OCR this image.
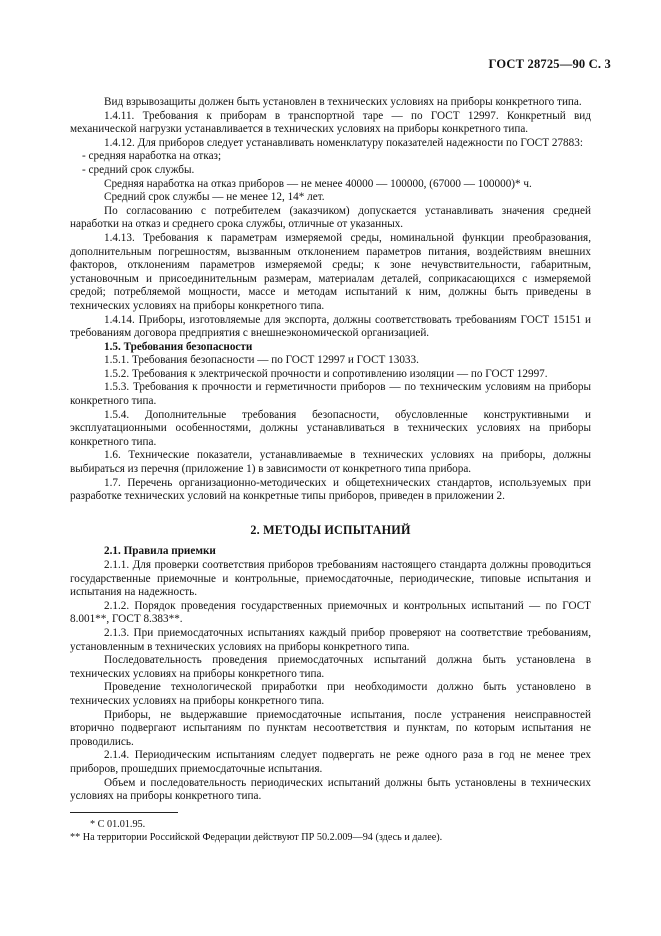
ГОСТ 28725—90 С. 3

Вид взрывозащиты должен быть установлен в технических условиях на приборы конкретного типа.

1.4.11. Требования к приборам в транспортной таре — по ГОСТ 12997. Конкретный вид механической нагрузки устанавливается в технических условиях на приборы конкретного типа.

1.4.12. Для приборов следует устанавливать номенклатуру показателей надежности по ГОСТ 27883:

- средняя наработка на отказ;

- средний срок службы.

Средняя наработка на отказ приборов — не менее 40000 — 100000, (67000 — 100000)* ч.

Средний срок службы — не менее 12, 14* лет.

По согласованию с потребителем (заказчиком) допускается устанавливать значения средней наработки на отказ и среднего срока службы, отличные от указанных.

1.4.13. Требования к параметрам измеряемой среды, номинальной функции преобразования, дополнительным погрешностям, вызванным отклонением параметров питания, воздействиям внешних факторов, отклонениям параметров измеряемой среды; к зоне нечувствительности, габаритным, установочным и присоединительным размерам, материалам деталей, соприкасающихся с измеряемой средой; потребляемой мощности, массе и методам испытаний к ним, должны быть приведены в технических условиях на приборы конкретного типа.

1.4.14. Приборы, изготовляемые для экспорта, должны соответствовать требованиям ГОСТ 15151 и требованиям договора предприятия с внешнеэкономической организацией.

1.5. Требования безопасности

1.5.1. Требования безопасности — по ГОСТ 12997 и ГОСТ 13033.

1.5.2. Требования к электрической прочности и сопротивлению изоляции — по ГОСТ 12997.

1.5.3. Требования к прочности и герметичности приборов — по техническим условиям на приборы конкретного типа.

1.5.4. Дополнительные требования безопасности, обусловленные конструктивными и эксплуатационными особенностями, должны устанавливаться в технических условиях на приборы конкретного типа.

1.6. Технические показатели, устанавливаемые в технических условиях на приборы, должны выбираться из перечня (приложение 1) в зависимости от конкретного типа прибора.

1.7. Перечень организационно-методических и общетехнических стандартов, используемых при разработке технических условий на конкретные типы приборов, приведен в приложении 2.

2. МЕТОДЫ ИСПЫТАНИЙ

2.1. Правила приемки

2.1.1. Для проверки соответствия приборов требованиям настоящего стандарта должны проводиться государственные приемочные и контрольные, приемосдаточные, периодические, типовые испытания и испытания на надежность.

2.1.2. Порядок проведения государственных приемочных и контрольных испытаний — по ГОСТ 8.001**, ГОСТ 8.383**.

2.1.3. При приемосдаточных испытаниях каждый прибор проверяют на соответствие требованиям, установленным в технических условиях на приборы конкретного типа.

Последовательность проведения приемосдаточных испытаний должна быть установлена в технических условиях на приборы конкретного типа.

Проведение технологической приработки при необходимости должно быть установлено в технических условиях на приборы конкретного типа.

Приборы, не выдержавшие приемосдаточные испытания, после устранения неисправностей вторично подвергают испытаниям по пунктам несоответствия и пунктам, по которым испытания не проводились.

2.1.4. Периодическим испытаниям следует подвергать не реже одного раза в год не менее трех приборов, прошедших приемосдаточные испытания.

Объем и последовательность периодических испытаний должны быть установлены в технических условиях на приборы конкретного типа.

* С 01.01.95.
** На территории Российской Федерации действуют ПР 50.2.009—94 (здесь и далее).
